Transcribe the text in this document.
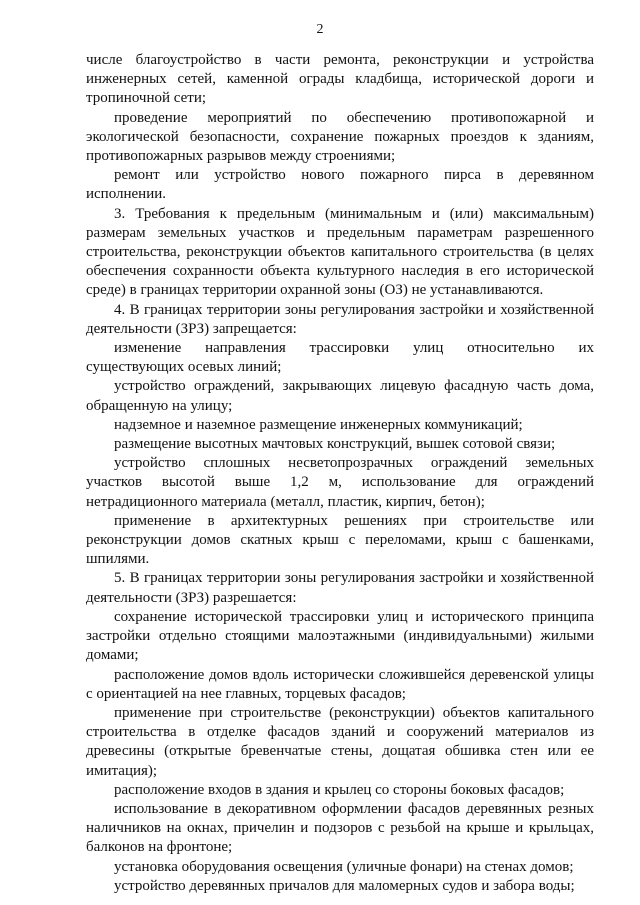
2

числе благоустройство в части ремонта, реконструкции и устройства инженерных сетей, каменной ограды кладбища, исторической дороги и тропиночной сети;

проведение мероприятий по обеспечению противопожарной и экологической безопасности, сохранение пожарных проездов к зданиям, противопожарных разрывов между строениями;

ремонт или устройство нового пожарного пирса в деревянном исполнении.

3. Требования к предельным (минимальным и (или) максимальным) размерам земельных участков и предельным параметрам разрешенного строительства, реконструкции объектов капитального строительства (в целях обеспечения сохранности объекта культурного наследия в его исторической среде) в границах территории охранной зоны (ОЗ) не устанавливаются.

4. В границах территории зоны регулирования застройки и хозяйственной деятельности (ЗРЗ) запрещается:

изменение направления трассировки улиц относительно их существующих осевых линий;

устройство ограждений, закрывающих лицевую фасадную часть дома, обращенную на улицу;

надземное и наземное размещение инженерных коммуникаций;

размещение высотных мачтовых конструкций, вышек сотовой связи;

устройство сплошных несветопрозрачных ограждений земельных участков высотой выше 1,2 м, использование для ограждений нетрадиционного материала (металл, пластик, кирпич, бетон);

применение в архитектурных решениях при строительстве или реконструкции домов скатных крыш с переломами, крыш с башенками, шпилями.

5. В границах территории зоны регулирования застройки и хозяйственной деятельности (ЗРЗ) разрешается:

сохранение исторической трассировки улиц и исторического принципа застройки отдельно стоящими малоэтажными (индивидуальными) жилыми домами;

расположение домов вдоль исторически сложившейся деревенской улицы с ориентацией на нее главных, торцевых фасадов;

применение при строительстве (реконструкции) объектов капитального строительства в отделке фасадов зданий и сооружений материалов из древесины (открытые бревенчатые стены, дощатая обшивка стен или ее имитация);

расположение входов в здания и крылец со стороны боковых фасадов;

использование в декоративном оформлении фасадов деревянных резных наличников на окнах, причелин и подзоров с резьбой на крыше и крыльцах, балконов на фронтоне;

установка оборудования освещения (уличные фонари) на стенах домов;

устройство деревянных причалов для маломерных судов и забора воды;
